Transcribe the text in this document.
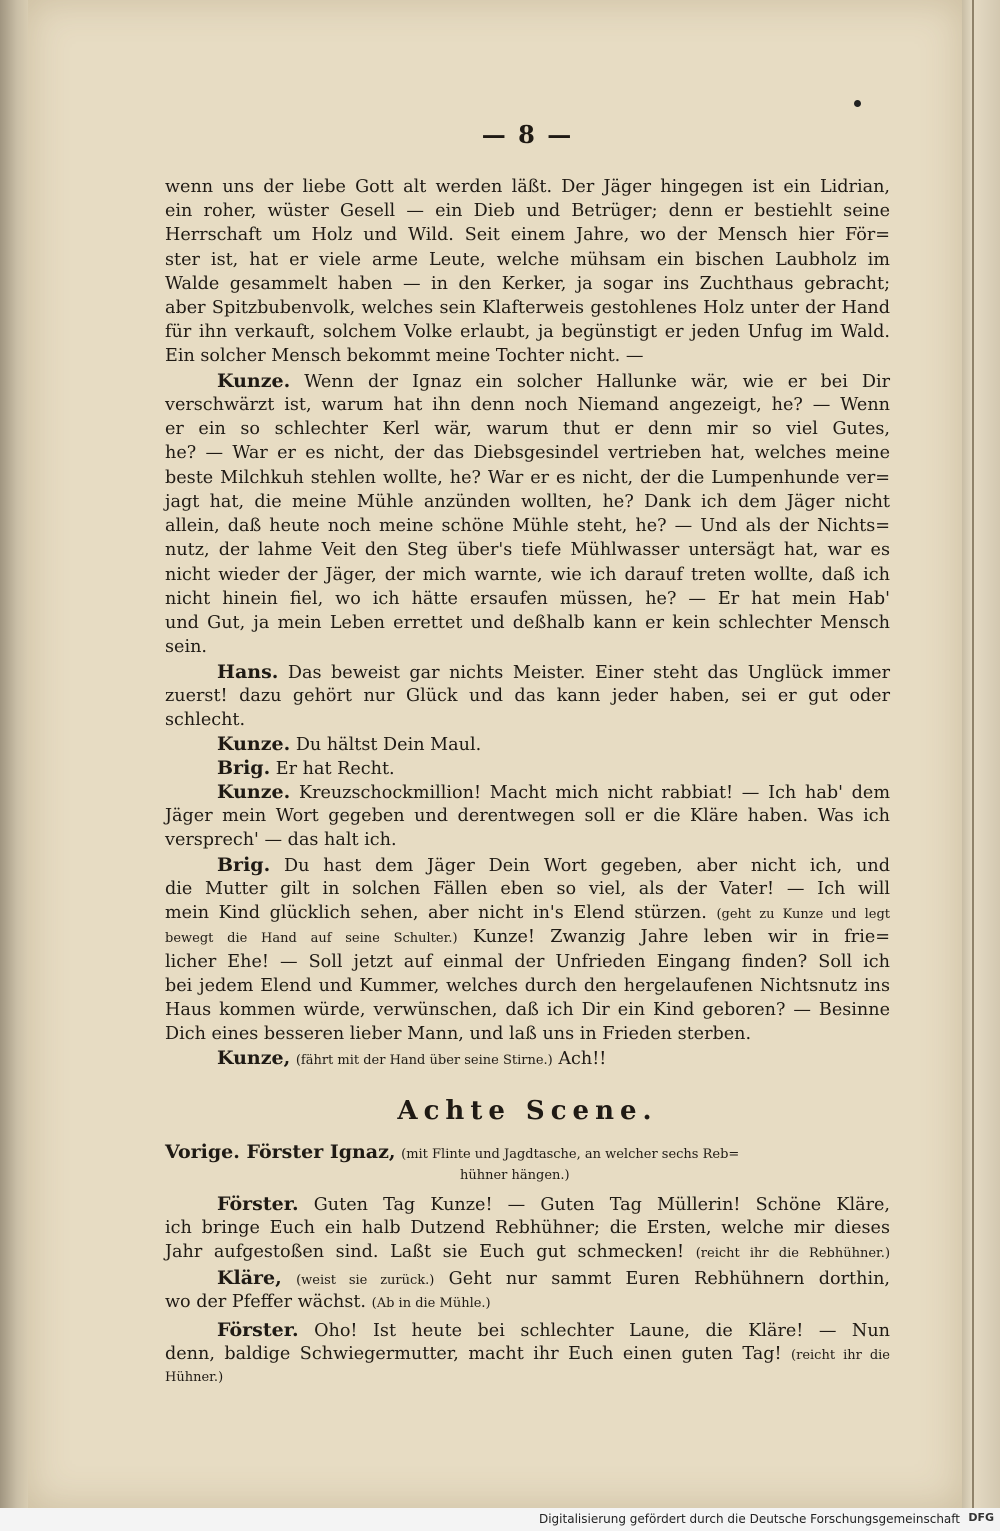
— 8 —
wenn uns der liebe Gott alt werden läßt. Der Jäger hingegen ist ein Lidrian,
ein roher, wüster Gesell — ein Dieb und Betrüger; denn er bestiehlt seine
Herrschaft um Holz und Wild. Seit einem Jahre, wo der Mensch hier För=
ster ist, hat er viele arme Leute, welche mühsam ein bischen Laubholz im
Walde gesammelt haben — in den Kerker, ja sogar ins Zuchthaus gebracht;
aber Spitzbubenvolk, welches sein Klafterweis gestohlenes Holz unter der Hand
für ihn verkauft, solchem Volke erlaubt, ja begünstigt er jeden Unfug im Wald.
Ein solcher Mensch bekommt meine Tochter nicht. —
Kunze. Wenn der Ignaz ein solcher Hallunke wär, wie er bei Dir
verschwärzt ist, warum hat ihn denn noch Niemand angezeigt, he? — Wenn
er ein so schlechter Kerl wär, warum thut er denn mir so viel Gutes,
he? — War er es nicht, der das Diebsgesindel vertrieben hat, welches meine
beste Milchkuh stehlen wollte, he? War er es nicht, der die Lumpenhunde ver=
jagt hat, die meine Mühle anzünden wollten, he? Dank ich dem Jäger nicht
allein, daß heute noch meine schöne Mühle steht, he? — Und als der Nichts=
nutz, der lahme Veit den Steg über's tiefe Mühlwasser untersägt hat, war es
nicht wieder der Jäger, der mich warnte, wie ich darauf treten wollte, daß ich
nicht hinein fiel, wo ich hätte ersaufen müssen, he? — Er hat mein Hab'
und Gut, ja mein Leben errettet und deßhalb kann er kein schlechter Mensch
sein.
Hans. Das beweist gar nichts Meister. Einer steht das Unglück immer
zuerst! dazu gehört nur Glück und das kann jeder haben, sei er gut oder
schlecht.
Kunze. Du hältst Dein Maul.
Brig. Er hat Recht.
Kunze. Kreuzschockmillion! Macht mich nicht rabbiat! — Ich hab' dem
Jäger mein Wort gegeben und derentwegen soll er die Kläre haben. Was ich
versprech' — das halt ich.
Brig. Du hast dem Jäger Dein Wort gegeben, aber nicht ich, und
die Mutter gilt in solchen Fällen eben so viel, als der Vater! — Ich will
mein Kind glücklich sehen, aber nicht in's Elend stürzen. (geht zu Kunze und legt
bewegt die Hand auf seine Schulter.) Kunze! Zwanzig Jahre leben wir in frie=
licher Ehe! — Soll jetzt auf einmal der Unfrieden Eingang finden? Soll ich
bei jedem Elend und Kummer, welches durch den hergelaufenen Nichtsnutz ins
Haus kommen würde, verwünschen, daß ich Dir ein Kind geboren? — Besinne
Dich eines besseren lieber Mann, und laß uns in Frieden sterben.
Kunze, (fährt mit der Hand über seine Stirne.) Ach!!
Achte Scene.
Vorige. Förster Ignaz, (mit Flinte und Jagdtasche, an welcher sechs Reb=
hühner hängen.)
Förster. Guten Tag Kunze! — Guten Tag Müllerin! Schöne Kläre,
ich bringe Euch ein halb Dutzend Rebhühner; die Ersten, welche mir dieses
Jahr aufgestoßen sind. Laßt sie Euch gut schmecken! (reicht ihr die Rebhühner.)
Kläre, (weist sie zurück.) Geht nur sammt Euren Rebhühnern dorthin,
wo der Pfeffer wächst. (Ab in die Mühle.)
Förster. Oho! Ist heute bei schlechter Laune, die Kläre! — Nun
denn, baldige Schwiegermutter, macht ihr Euch einen guten Tag! (reicht ihr die
Hühner.)
Digitalisierung gefördert durch die Deutsche Forschungsgemeinschaft DFG
